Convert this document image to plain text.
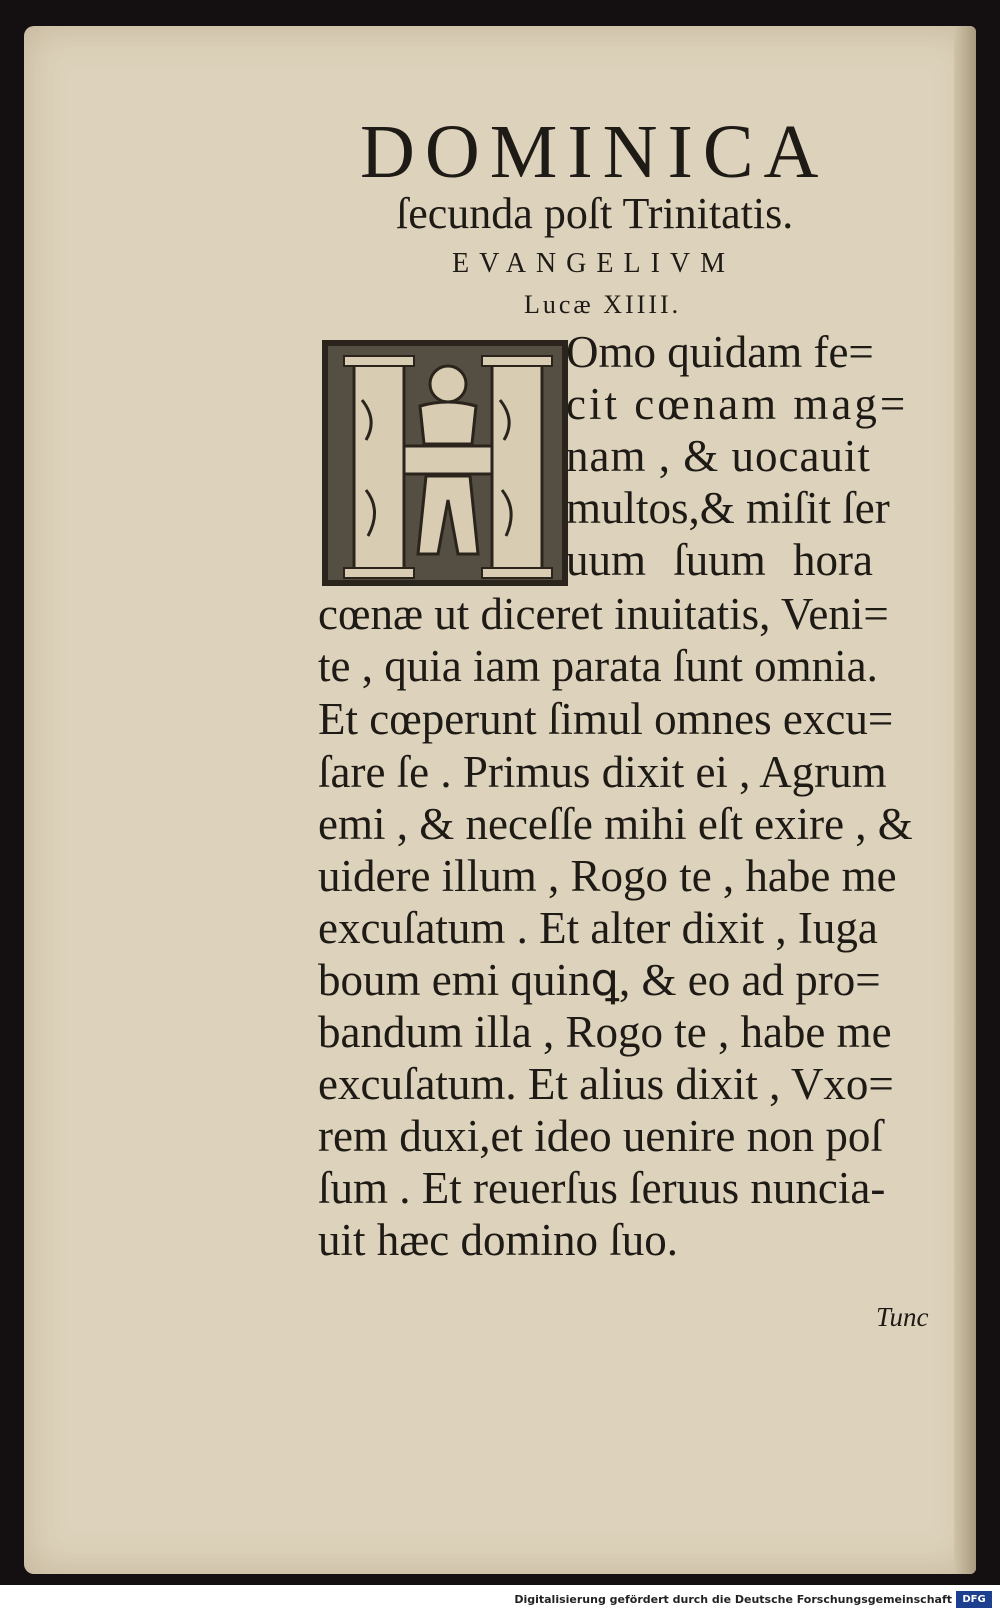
DOMINICA
ſecunda poſt Trinitatis.
EVANGELIVM
Lucæ XIIII.
Omo quidam fe=
cit cœnam mag=
nam , & uocauit
multos,& miſit ſer
uum ſuum hora
cœnæ ut diceret inuitatis, Veni=
te , quia iam parata ſunt omnia.
Et cœperunt ſimul omnes excu=
ſare ſe . Primus dixit ei , Agrum
emi , & neceſſe mihi eſt exire , &
uidere illum , Rogo te , habe me
excuſatum . Et alter dixit , Iuga
boum emi quinꝗ, & eo ad pro=
bandum illa , Rogo te , habe me
excuſatum. Et alius dixit , Vxo=
rem duxi,et ideo uenire non poſ
ſum . Et reuerſus ſeruus nuncia-
uit hæc domino ſuo.
Tunc
Digitalisierung gefördert durch die Deutsche Forschungsgemeinschaft	DFG
